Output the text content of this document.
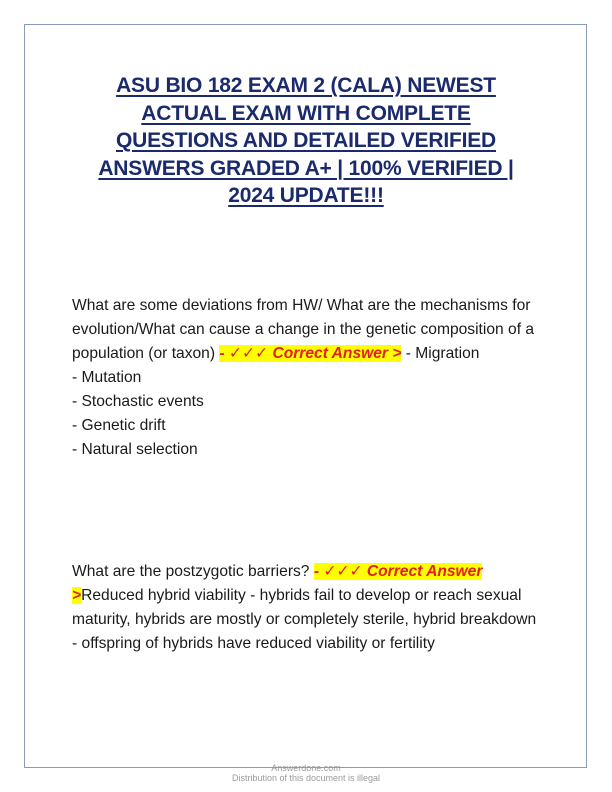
ASU BIO 182 EXAM 2 (CALA) NEWEST
ACTUAL EXAM WITH COMPLETE
QUESTIONS AND DETAILED VERIFIED
ANSWERS GRADED A+ | 100% VERIFIED |
2024 UPDATE!!!

What are some deviations from HW/ What are the mechanisms for evolution/What can cause a change in the genetic composition of a population (or taxon) - ✓✓✓ Correct Answer > - Migration

- Mutation

- Stochastic events

- Genetic drift

- Natural selection

What are the postzygotic barriers? - ✓✓✓ Correct Answer >Reduced hybrid viability - hybrids fail to develop or reach sexual maturity, hybrids are mostly or completely sterile, hybrid breakdown - offspring of hybrids have reduced viability or fertility

Answerdone.com
Distribution of this document is illegal
